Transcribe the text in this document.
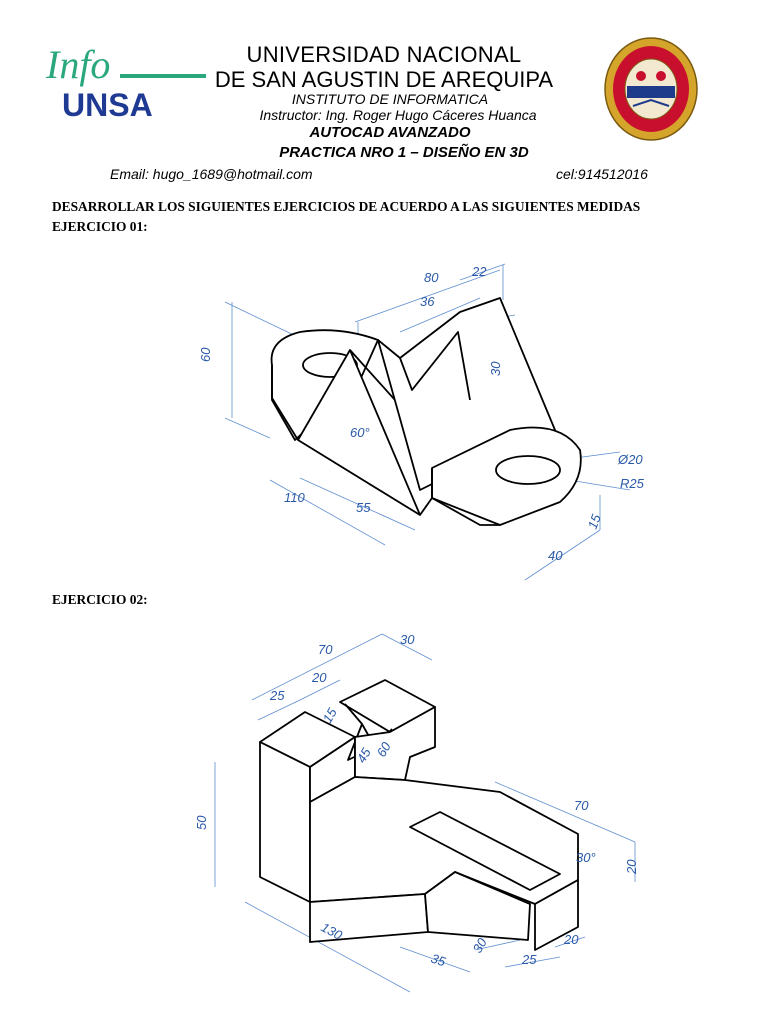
Info
UNSA
UNIVERSIDAD NACIONAL
DE SAN AGUSTIN DE AREQUIPA
INSTITUTO DE INFORMATICA
Instructor: Ing. Roger Hugo Cáceres Huanca
AUTOCAD AVANZADO
PRACTICA NRO 1 – DISEÑO EN 3D
Email: hugo_1689@hotmail.com	cel:914512016
DESARROLLAR LOS SIGUIENTES EJERCICIOS DE ACUERDO A LAS SIGUIENTES MEDIDAS
EJERCICIO 01:
60
80	22
36
30
60°
110
55
Ø20
R25
15
40
EJERCICIO 02:
70
30
25
20
15
45 60
50
70
30°
20
130
35
30
25
20
